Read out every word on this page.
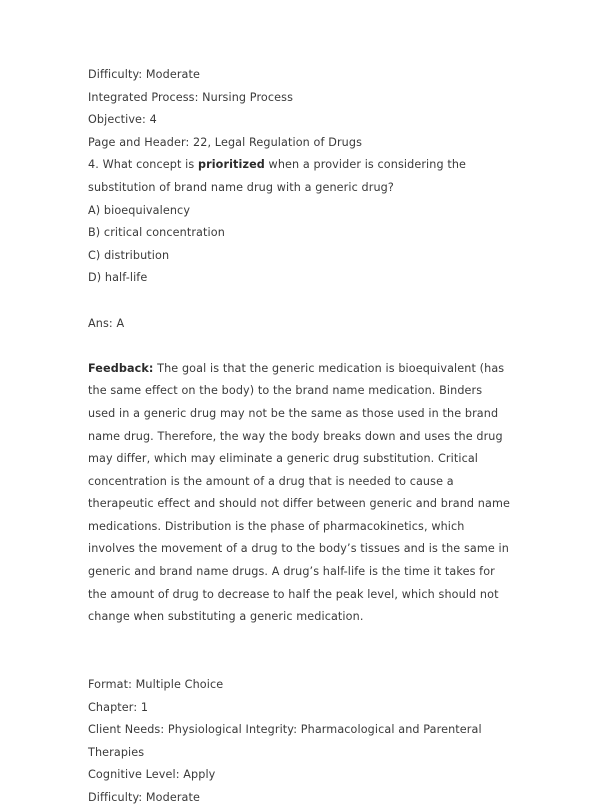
Difficulty: Moderate
Integrated Process: Nursing Process
Objective: 4
Page and Header: 22, Legal Regulation of Drugs
4. What concept is prioritized when a provider is considering the substitution of brand name drug with a generic drug?
A) bioequivalency
B) critical concentration
C) distribution
D) half-life
Ans: A
Feedback: The goal is that the generic medication is bioequivalent (has the same effect on the body) to the brand name medication. Binders used in a generic drug may not be the same as those used in the brand name drug. Therefore, the way the body breaks down and uses the drug may differ, which may eliminate a generic drug substitution. Critical concentration is the amount of a drug that is needed to cause a therapeutic effect and should not differ between generic and brand name medications. Distribution is the phase of pharmacokinetics, which involves the movement of a drug to the body’s tissues and is the same in generic and brand name drugs. A drug’s half-life is the time it takes for the amount of drug to decrease to half the peak level, which should not change when substituting a generic medication.
Format: Multiple Choice
Chapter: 1
Client Needs: Physiological Integrity: Pharmacological and Parenteral Therapies
Cognitive Level: Apply
Difficulty: Moderate
